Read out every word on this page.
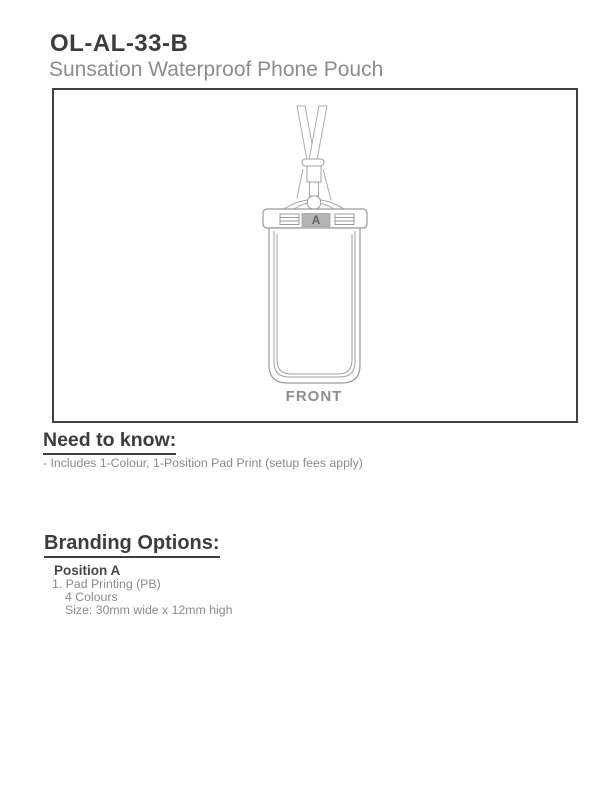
OL-AL-33-B
Sunsation Waterproof Phone Pouch
A
FRONT
Need to know:
- Includes 1-Colour, 1-Position Pad Print (setup fees apply)
Branding Options:
Position A
1. Pad Printing (PB)
4 Colours
Size: 30mm wide x 12mm high
